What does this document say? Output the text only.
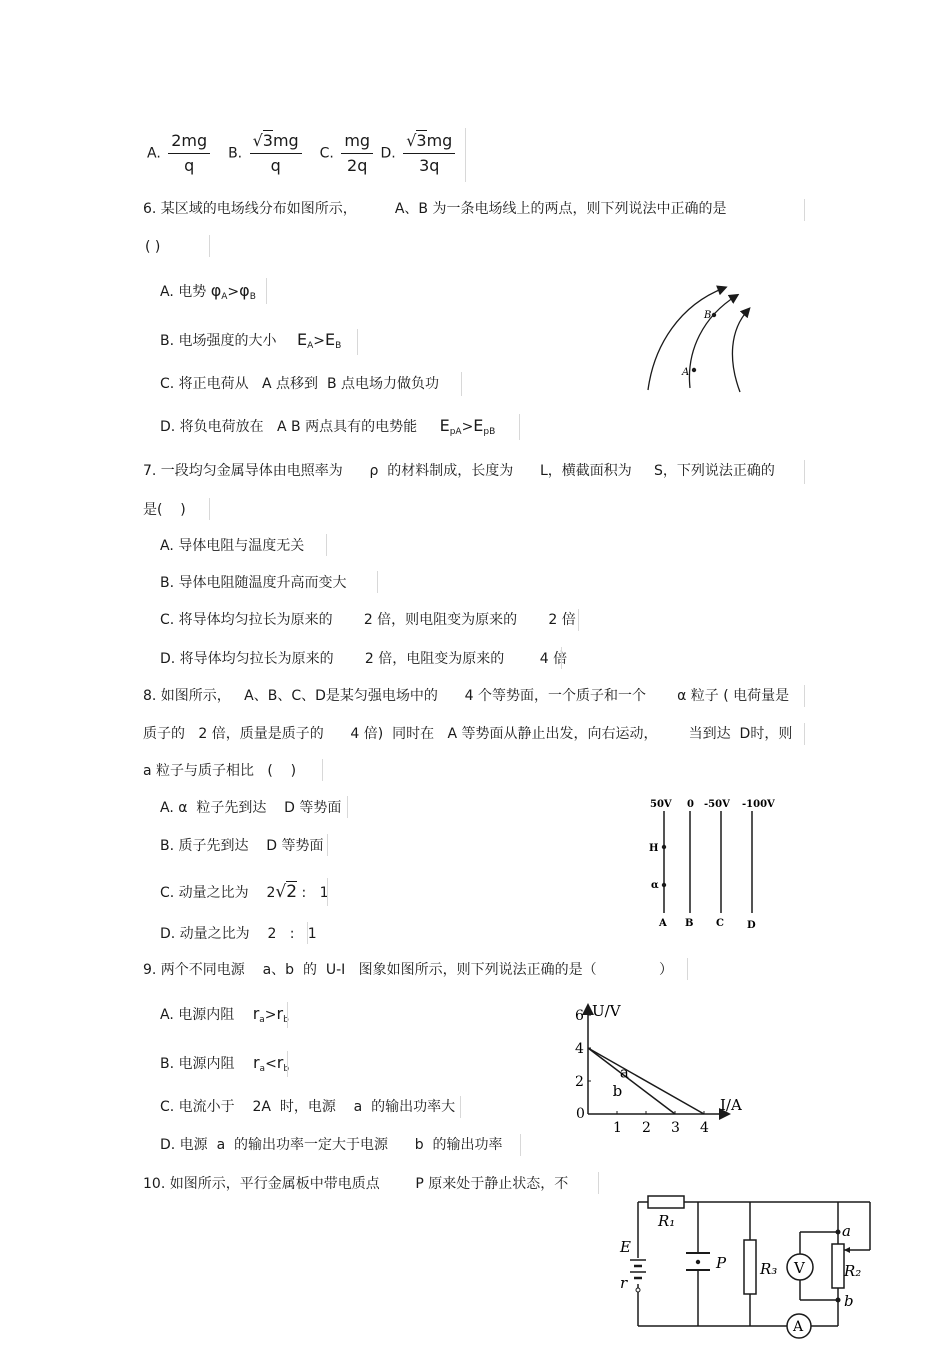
A. $\frac{2mg}{q} B$. $\frac{√3mg}{q} C$. $\frac{mg}{2q} D$. $\frac{√3mg}{3q}$
6. 某区域的电场线分布如图所示，	A、B 为一条电场线上的两点，则下列说法中正确的是
( )
A. 电势 $\varphi_A>\varphi_B$
B. 电场强度的大小 $E_A>E_B$
C. 将正电荷从   A 点移到  B 点电场力做负功
D. 将负电荷放在   A B 两点具有的电势能 $E_{pA}>E_{pB}$
A
B
7. 一段均匀金属导体由电照率为      ρ  的材料制成，长度为      L，横截面积为     S，下列说法正确的
是(    )
A. 导体电阻与温度无关
B. 导体电阻随温度升高而变大
C. 将导体均匀拉长为原来的       2 倍，则电阻变为原来的       2 倍
D. 将导体均匀拉长为原来的       2 倍，电阻变为原来的        4 倍
8. 如图所示，   A、B、C、D是某匀强电场中的      4 个等势面，一个质子和一个       α 粒子 ( 电荷量是
质子的   2 倍，质量是质子的      4 倍)  同时在   A 等势面从静止出发，向右运动，       当到达  D时，则
a 粒子与质子相比   (    )
A. α  粒子先到达    D 等势面
B. 质子先到达    D 等势面
C. 动量之比为    2√2 :   1
D. 动量之比为    2   :   1
50V 0 -50V -100V
H
α
A B C D
9. 两个不同电源    a、b  的  U-I   图象如图所示，则下列说法正确的是（              ）
A. 电源内阻 $r_a>r_b$
B. 电源内阻 $r_a<r_b$
C. 电流小于    2A  时，电源    a  的输出功率大
D. 电源  a  的输出功率一定大于电源      b  的输出功率
U/V
I/A
0
1 2 3 4
2
4
6
a
b
10. 如图所示，平行金属板中带电质点        P 原来处于静止状态，不
R₁
E
r
P R₃ V	R₂
a
b
A
